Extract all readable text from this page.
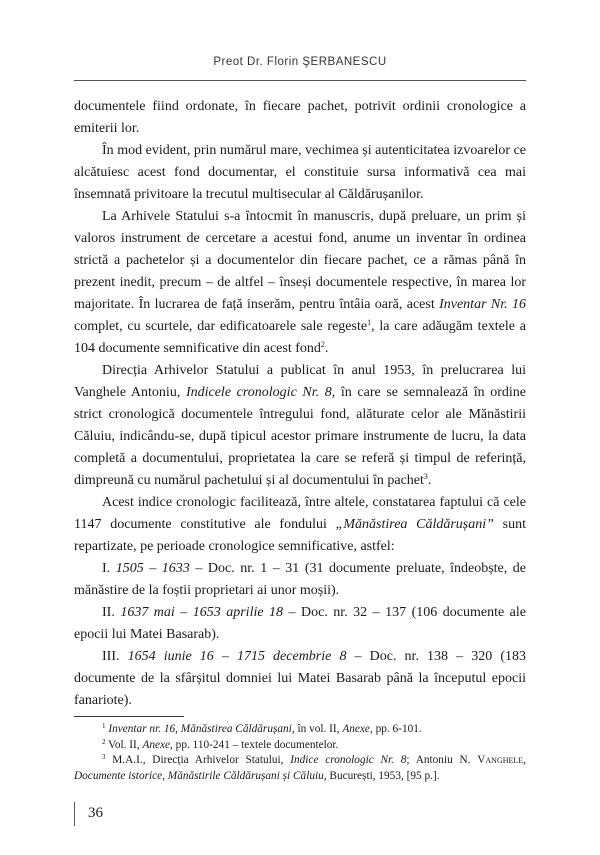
Preot Dr. Florin ŞERBANESCU

documentele fiind ordonate, în fiecare pachet, potrivit ordinii cronologice a emiterii lor.

În mod evident, prin numărul mare, vechimea și autenticitatea izvoarelor ce alcătuiesc acest fond documentar, el constituie sursa informativă cea mai însemnată privitoare la trecutul multisecular al Căldărușanilor.

La Arhivele Statului s-a întocmit în manuscris, după preluare, un prim și valoros instrument de cercetare a acestui fond, anume un inventar în ordinea strictă a pachetelor și a documentelor din fiecare pachet, ce a rămas până în prezent inedit, precum – de altfel – înseși documentele respective, în marea lor majoritate. În lucrarea de față inserăm, pentru întâia oară, acest Inventar Nr. 16 complet, cu scurtele, dar edificatoarele sale regeste$^1$, la care adăugăm textele a 104 documente semnificative din acest fond$^2$.

Direcția Arhivelor Statului a publicat în anul 1953, în prelucrarea lui Vanghele Antoniu, Indicele cronologic Nr. 8, în care se semnalează în ordine strict cronologică documentele întregului fond, alăturate celor ale Mănăstirii Căluiu, indicându-se, după tipicul acestor primare instrumente de lucru, la data completă a documentului, proprietatea la care se referă și timpul de referință, dimpreună cu numărul pachetului și al documentului în pachet$^3$.

Acest indice cronologic facilitează, între altele, constatarea faptului că cele 1147 documente constitutive ale fondului „Mănăstirea Căldărușani” sunt repartizate, pe perioade cronologice semnificative, astfel:

I. 1505 – 1633 – Doc. nr. 1 – 31 (31 documente preluate, îndeobște, de mănăstire de la foștii proprietari ai unor moșii).

II. 1637 mai – 1653 aprilie 18 – Doc. nr. 32 – 137 (106 documente ale epocii lui Matei Basarab).

III. 1654 iunie 16 – 1715 decembrie 8 – Doc. nr. 138 – 320 (183 documente de la sfârșitul domniei lui Matei Basarab până la începutul epocii fanariote).

$^1$ Inventar nr. 16, Mănăstirea Căldărușani, în vol. II, Anexe, pp. 6-101.

$^2$ Vol. II, Anexe, pp. 110-241 – textele documentelor.

$^3$ M.A.I., Direcția Arhivelor Statului, Indice cronologic Nr. 8; Antoniu N. Vanghele, Documente istorice, Mănăstirile Căldărușani și Căluiu, București, 1953, [95 p.].

36
